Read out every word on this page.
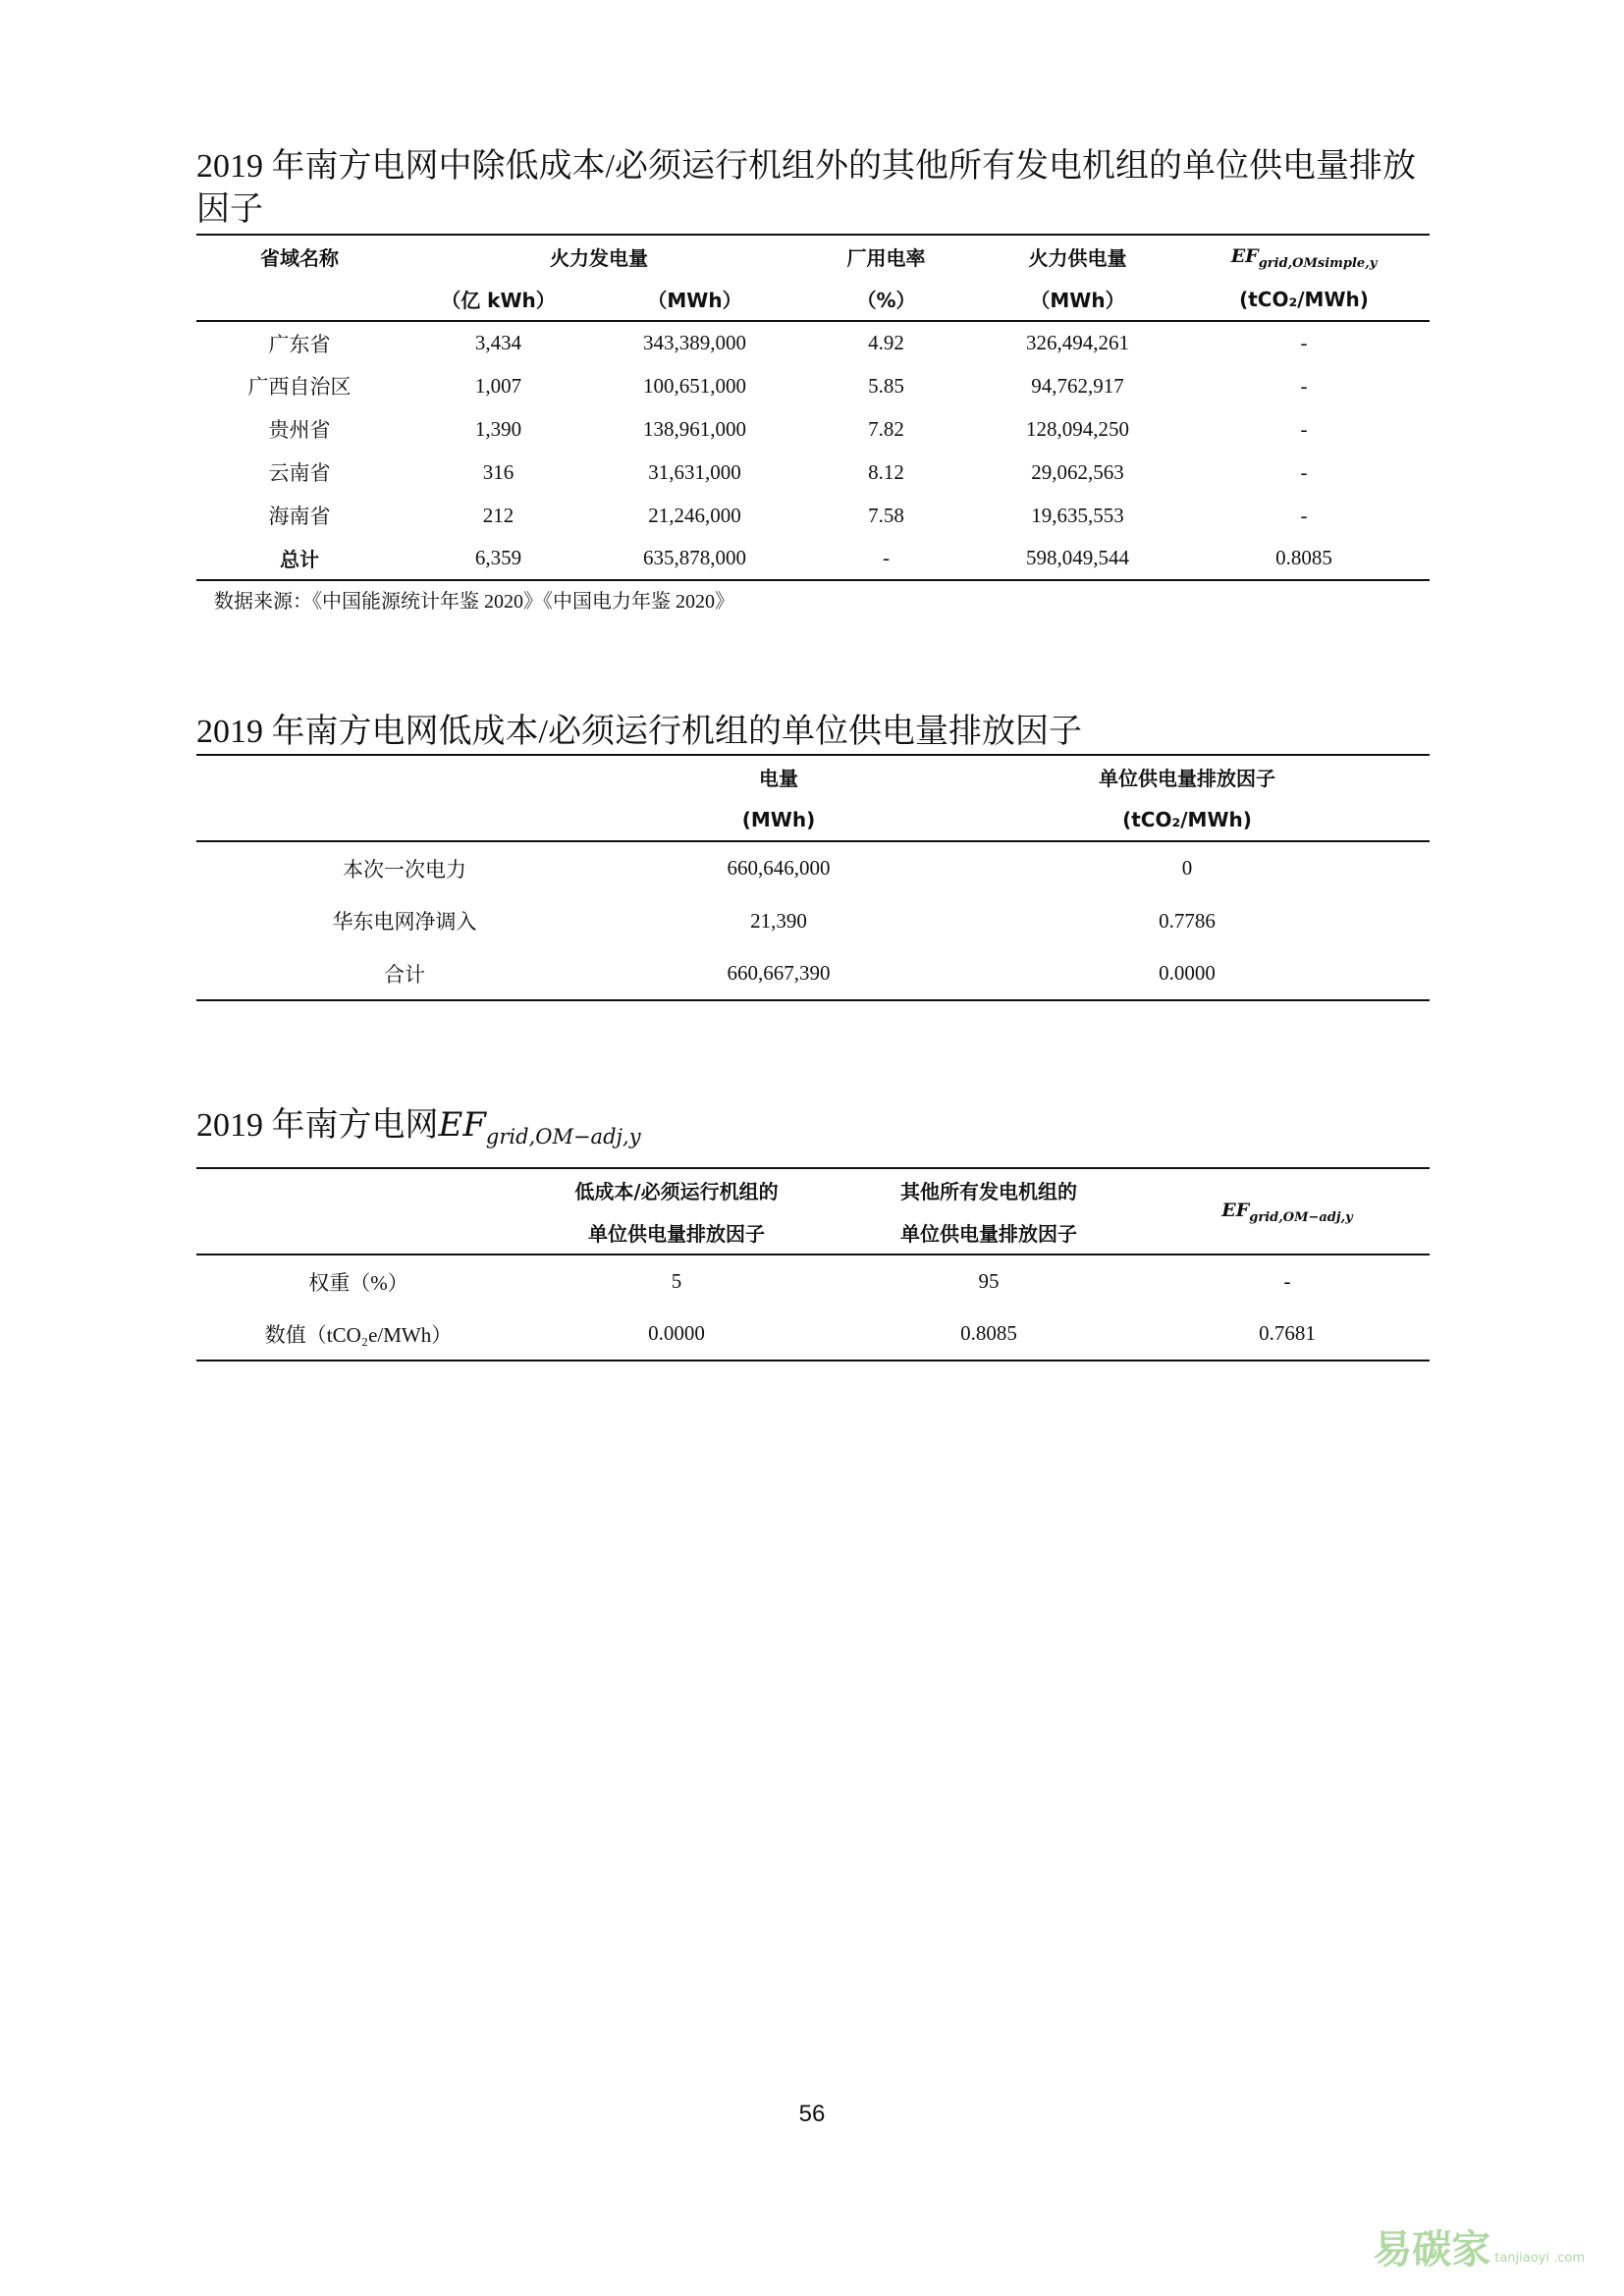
2019 年南方电网中除低成本/必须运行机组外的其他所有发电机组的单位供电量排放因子
省域名称	火力发电量		厂用电率	火力供电量	$EF_{grid,OMsimple,y}$
	（亿 kWh）	（MWh）	（%）	（MWh）	(tCO₂/MWh)
广东省	3,434	343,389,000	4.92	326,494,261	-
广西自治区	1,007	100,651,000	5.85	94,762,917	-
贵州省	1,390	138,961,000	7.82	128,094,250	-
云南省	316	31,631,000	8.12	29,062,563	-
海南省	212	21,246,000	7.58	19,635,553	-
总计	6,359	635,878,000	-	598,049,544	0.8085
数据来源：《中国能源统计年鉴 2020》《中国电力年鉴 2020》
2019 年南方电网低成本/必须运行机组的单位供电量排放因子
	电量	单位供电量排放因子
	(MWh)	(tCO₂/MWh)
本次一次电力	660,646,000	0
华东电网净调入	21,390	0.7786
合计	660,667,390	0.0000
2019 年南方电网$EF_{grid,OM-adj,y}$
	低成本/必须运行机组的	其他所有发电机组的	$EF_{grid,OM-adj,y}$
	单位供电量排放因子	单位供电量排放因子	
权重（%）	5	95	-
数值（tCO₂e/MWh）	0.0000	0.8085	0.7681
56
易碳家 tanjiaoyi .com
